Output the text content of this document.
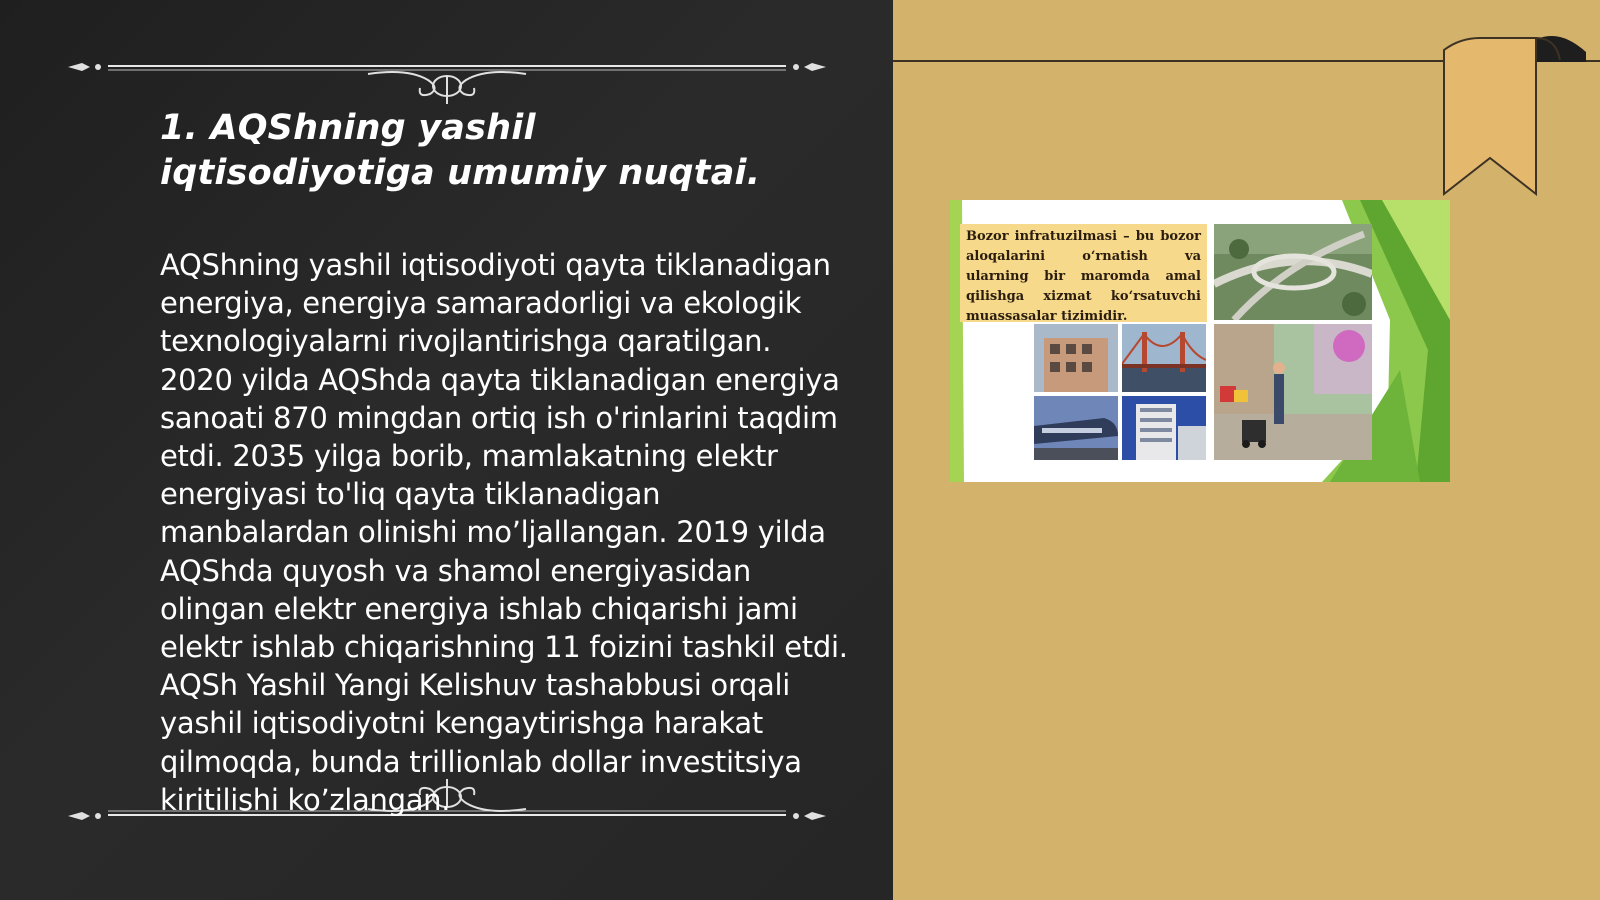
1. AQShning yashil iqtisodiyotiga umumiy nuqtai.

AQShning yashil iqtisodiyoti qayta tiklanadigan energiya, energiya samaradorligi va ekologik texnologiyalarni rivojlantirishga qaratilgan. 2020 yilda AQShda qayta tiklanadigan energiya sanoati 870 mingdan ortiq ish o'rinlarini taqdim etdi. 2035 yilga borib, mamlakatning elektr energiyasi to'liq qayta tiklanadigan manbalardan olinishi mo’ljallangan. 2019 yilda AQShda quyosh va shamol energiyasidan olingan elektr energiya ishlab chiqarishi jami elektr ishlab chiqarishning 11 foizini tashkil etdi. AQSh Yashil Yangi Kelishuv tashabbusi orqali yashil iqtisodiyotni kengaytirishga harakat qilmoqda, bunda trillionlab dollar investitsiya kiritilishi ko’zlangan.

Bozor infratuzilmasi – bu bozor aloqalarini o‘rnatish va ularning bir maromda amal qilishga xizmat ko‘rsatuvchi muassasalar tizimidir.
